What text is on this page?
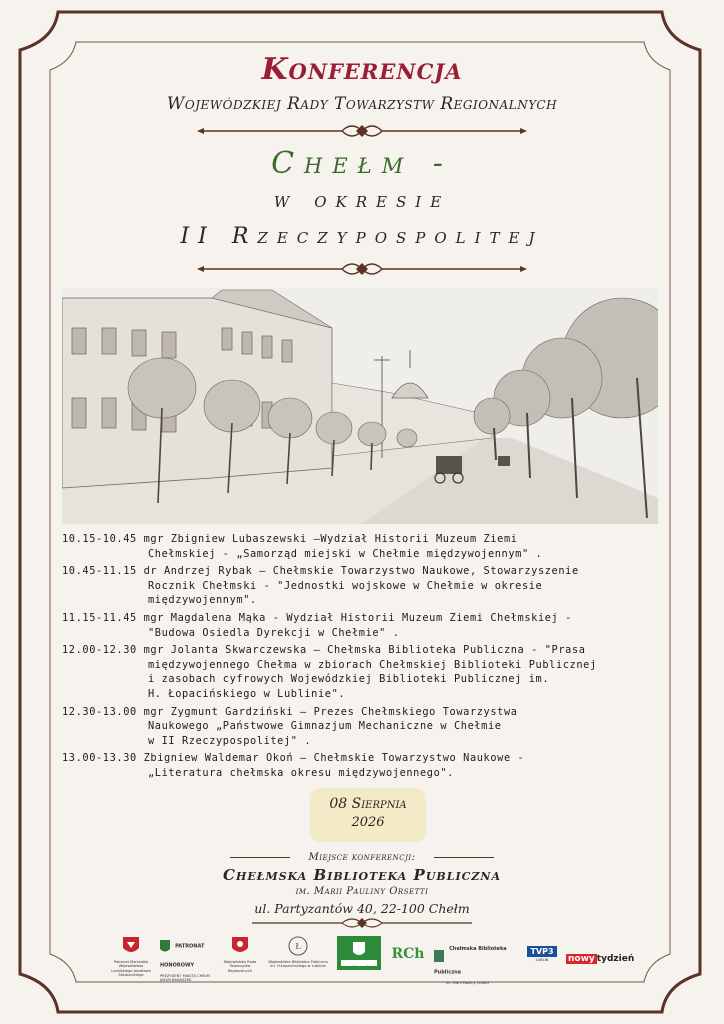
Konferencja
Wojewódzkiej Rady Towarzystw Regionalnych
Chełm -
w okresie
II Rzeczypospolitej
10.15-10.45 mgr Zbigniew Lubaszewski –Wydział Historii Muzeum Ziemi
Chełmskiej - „Samorząd miejski w Chełmie międzywojennym" .
10.45-11.15 dr Andrzej Rybak – Chełmskie Towarzystwo Naukowe, Stowarzyszenie
Rocznik Chełmski - "Jednostki wojskowe w Chełmie w okresie
międzywojennym".
11.15-11.45 mgr Magdalena Mąka - Wydział Historii Muzeum Ziemi Chełmskiej -
"Budowa Osiedla Dyrekcji w Chełmie" .
12.00-12.30 mgr Jolanta Skwarczewska – Chełmska Biblioteka Publiczna - "Prasa
międzywojennego Chełma w zbiorach Chełmskiej Biblioteki Publicznej
i zasobach cyfrowych Wojewódzkiej Biblioteki Publicznej im.
H. Łopacińskiego w Lublinie".
12.30-13.00 mgr Zygmunt Gardziński – Prezes Chełmskiego Towarzystwa
Naukowego „Państwowe Gimnazjum Mechaniczne w Chełmie
w II Rzeczypospolitej" .
13.00-13.30 Zbigniew Waldemar Okoń – Chełmskie Towarzystwo Naukowe -
„Literatura chełmska okresu międzywojennego".
08 Sierpnia
2026
Miejsce konferencji:
Chełmska Biblioteka Publiczna
im. Marii Pauliny Orsetti
ul. Partyzantów 40, 22-100 Chełm
Patronat Marszałka Województwa Lubelskiego Jarosława Stawiarskiego
PATRONAT HONOROWY
PREZYDENT MIASTA CHEŁM JAKUB BANASZEK
Wojewódzka Rada Towarzystw Regionalnych
Ł
Wojewódzka Biblioteka Publiczna im. H.Łopacińskiego w Lublinie	Urząd Miasta Chełm
RCh	Chełmska Biblioteka Publiczna
im. Marii Pauliny Orsetti
TVP3
LUBLIN	nowy tydzień
